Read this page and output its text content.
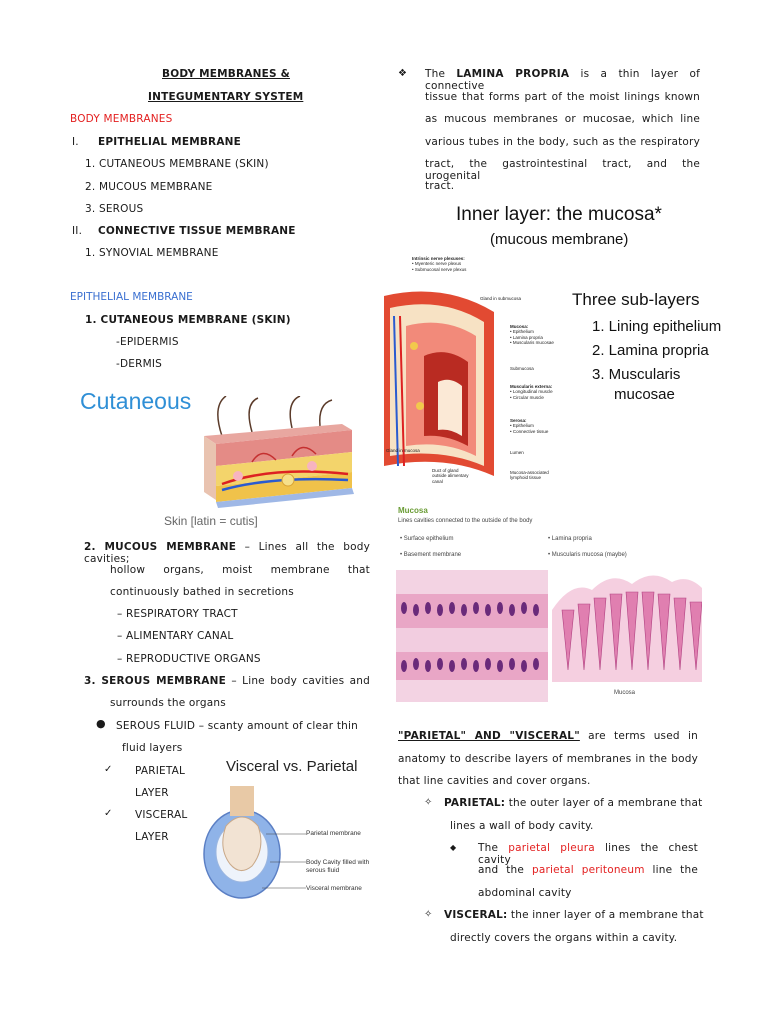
BODY MEMBRANES &
INTEGUMENTARY SYSTEM
BODY MEMBRANES
I. EPITHELIAL MEMBRANE
1. CUTANEOUS MEMBRANE (SKIN)
2. MUCOUS MEMBRANE
3. SEROUS
II. CONNECTIVE TISSUE MEMBRANE
1. SYNOVIAL MEMBRANE
EPITHELIAL MEMBRANE
1. CUTANEOUS MEMBRANE (SKIN)
-EPIDERMIS
-DERMIS
Cutaneous
Skin [latin = cutis]
2. MUCOUS MEMBRANE – Lines all the body cavities;
hollow organs, moist membrane that
continuously bathed in secretions
– RESPIRATORY TRACT
– ALIMENTARY CANAL
– REPRODUCTIVE ORGANS
3. SEROUS MEMBRANE – Line body cavities and
surrounds the organs
● SEROUS FLUID – scanty amount of clear thin
fluid layers
✓ PARIETAL
LAYER
✓ VISCERAL
LAYER
Visceral vs. Parietal
Parietal membrane
Body Cavity filled with
serous fluid
Visceral membrane
❖ The LAMINA PROPRIA is a thin layer of connective
tissue that forms part of the moist linings known
as mucous membranes or mucosae, which line
various tubes in the body, such as the respiratory
tract, the gastrointestinal tract, and the urogenital
tract.
Inner layer: the mucosa*
(mucous membrane)
Intrinsic nerve plexuses:
• Myenteric nerve plexus
• Submucosal nerve plexus
Gland in submucosa
Mucosa:
• Epithelium
• Lamina propria
• Muscularis mucosae
Submucosa
Muscularis externa:
• Longitudinal muscle
• Circular muscle
Serosa:
• Epithelium
• Connective tissue
Lumen
Gland in mucosa
Duct of gland
outside alimentary
canal
Mucosa-associated
lymphoid tissue
Three sub-layers
1. Lining epithelium
2. Lamina propria
3. Muscularis
mucosae
Mucosa
Lines cavities connected to the outside of the body
• Surface epithelium
• Basement membrane
• Lamina propria
• Muscularis mucosa (maybe)
Mucosa
"PARIETAL" AND "VISCERAL" are terms used in
anatomy to describe layers of membranes in the body
that line cavities and cover organs.
✧ PARIETAL: the outer layer of a membrane that
lines a wall of body cavity.
◆ The parietal pleura lines the chest cavity
and the parietal peritoneum line the
abdominal cavity
✧ VISCERAL: the inner layer of a membrane that
directly covers the organs within a cavity.
